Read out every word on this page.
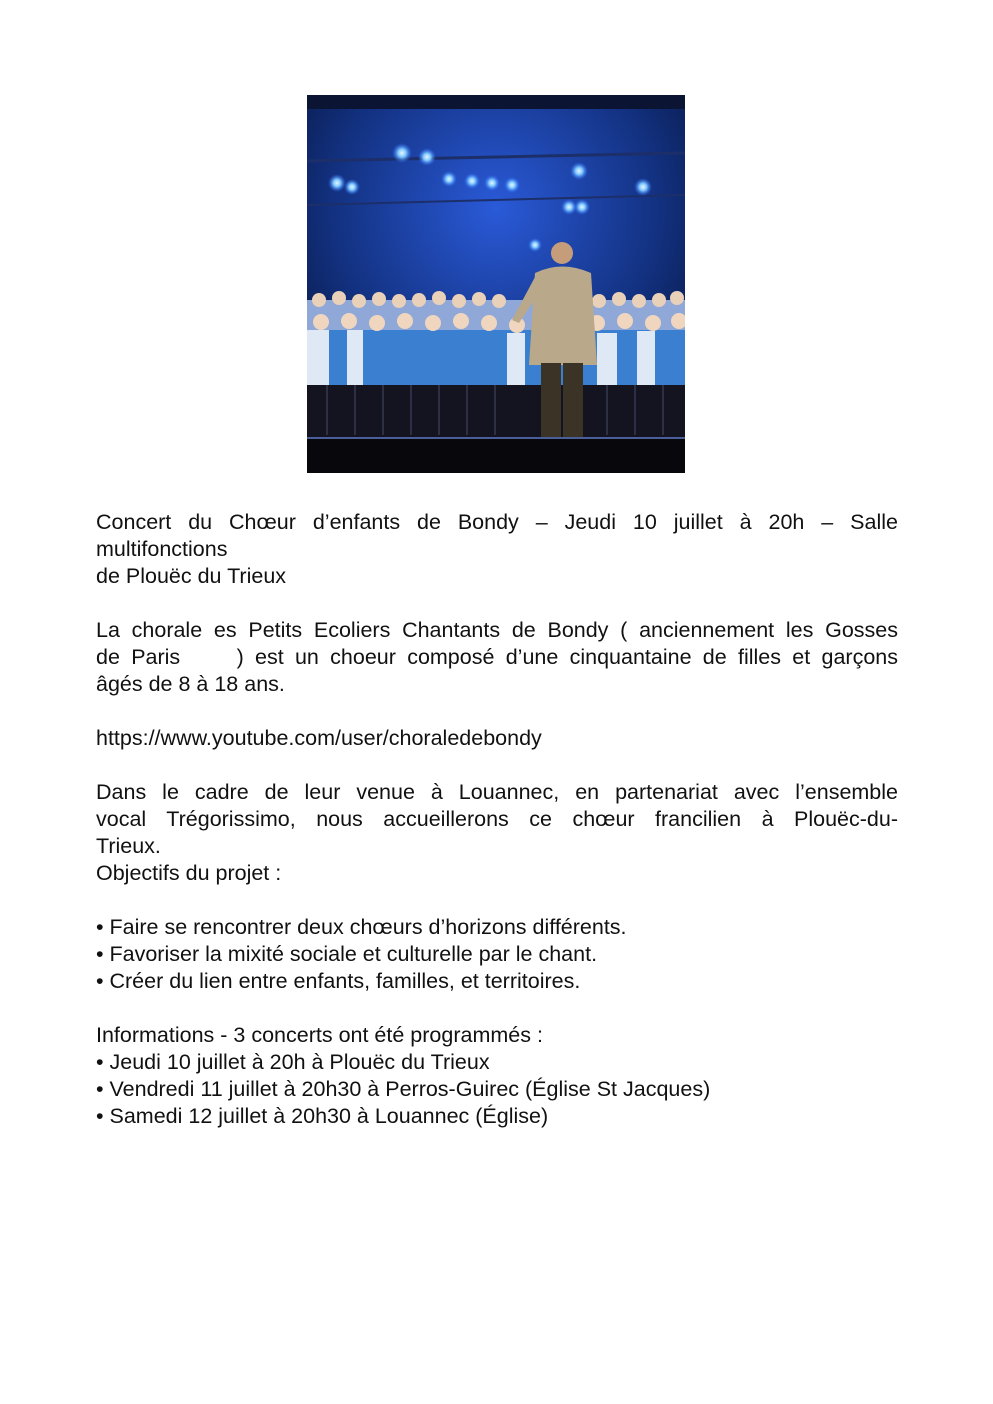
Concert du Chœur d’enfants de Bondy – Jeudi 10 juillet à 20h – Salle

multifonctions

de Plouëc du Trieux

La chorale es Petits Ecoliers Chantants de Bondy ( anciennement les Gosses

de Paris     ) est un choeur composé d’une cinquantaine de filles et garçons

âgés de 8 à 18 ans.

https://www.youtube.com/user/choraledebondy

Dans le cadre de leur venue à Louannec, en partenariat avec l’ensemble

vocal Trégorissimo, nous accueillerons ce chœur francilien à Plouëc-du-

Trieux.

Objectifs du projet :

• Faire se rencontrer deux chœurs d’horizons différents.
• Favoriser la mixité sociale et culturelle par le chant.
• Créer du lien entre enfants, familles, et territoires.

Informations - 3 concerts ont été programmés :

• Jeudi 10 juillet à 20h à Plouëc du Trieux
• Vendredi 11 juillet à 20h30 à Perros-Guirec (Église St Jacques)
• Samedi 12 juillet à 20h30 à Louannec (Église)
